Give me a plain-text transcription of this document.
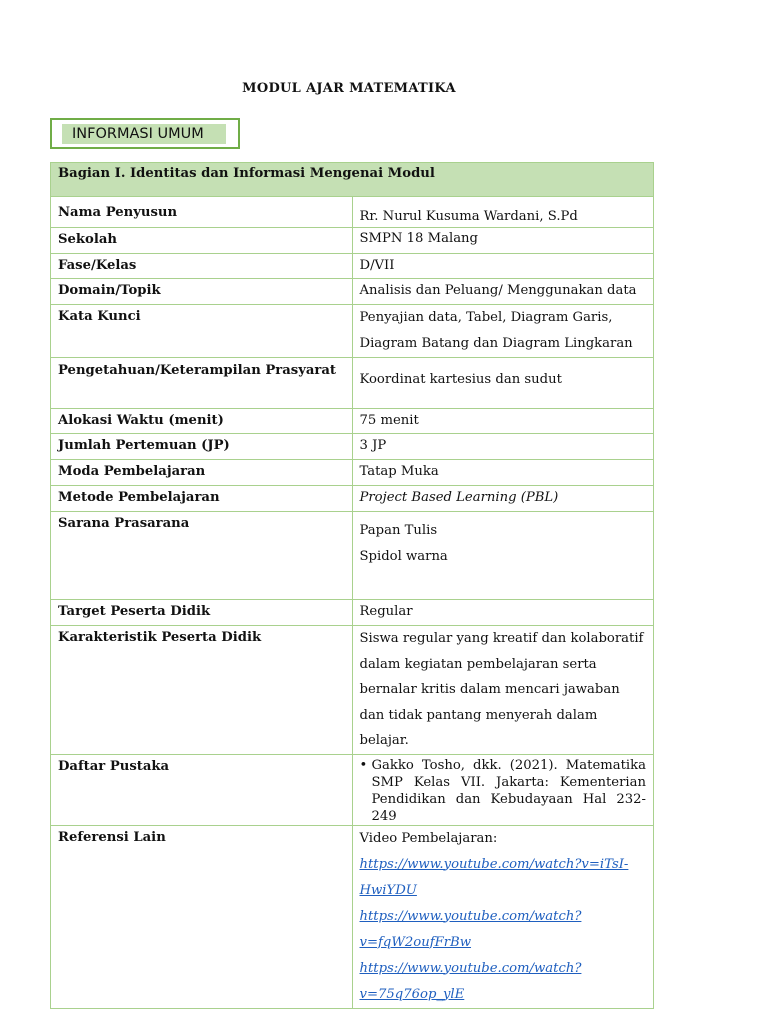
MODUL AJAR MATEMATIKA
INFORMASI UMUM
Bagian I. Identitas dan Informasi Mengenai Modul	
Nama Penyusun	Rr. Nurul Kusuma Wardani, S.Pd
Sekolah	SMPN 18 Malang
Fase/Kelas	D/VII
Domain/Topik	Analisis dan Peluang/ Menggunakan data
Kata Kunci	Penyajian data, Tabel, Diagram Garis, Diagram Batang dan Diagram Lingkaran
Pengetahuan/Keterampilan Prasyarat	Koordinat kartesius dan sudut
Alokasi Waktu (menit)	75 menit
Jumlah Pertemuan (JP)	3 JP
Moda Pembelajaran	Tatap Muka
Metode Pembelajaran	Project Based Learning (PBL)
Sarana Prasarana	Papan Tulis
Spidol warna

Target Peserta Didik	Regular
Karakteristik Peserta Didik	Siswa regular yang kreatif dan kolaboratif dalam kegiatan pembelajaran serta bernalar kritis dalam mencari jawaban dan tidak pantang menyerah dalam belajar.
Daftar Pustaka	• Gakko Tosho, dkk. (2021). Matematika SMP Kelas VII. Jakarta: Kementerian Pendidikan dan Kebudayaan Hal 232-249

Referensi Lain	Video Pembelajaran:
https://www.youtube.com/watch?v=iTsI-HwiYDU
https://www.youtube.com/watch?v=fqW2oufFrBw
https://www.youtube.com/watch?v=75q76op_ylE
